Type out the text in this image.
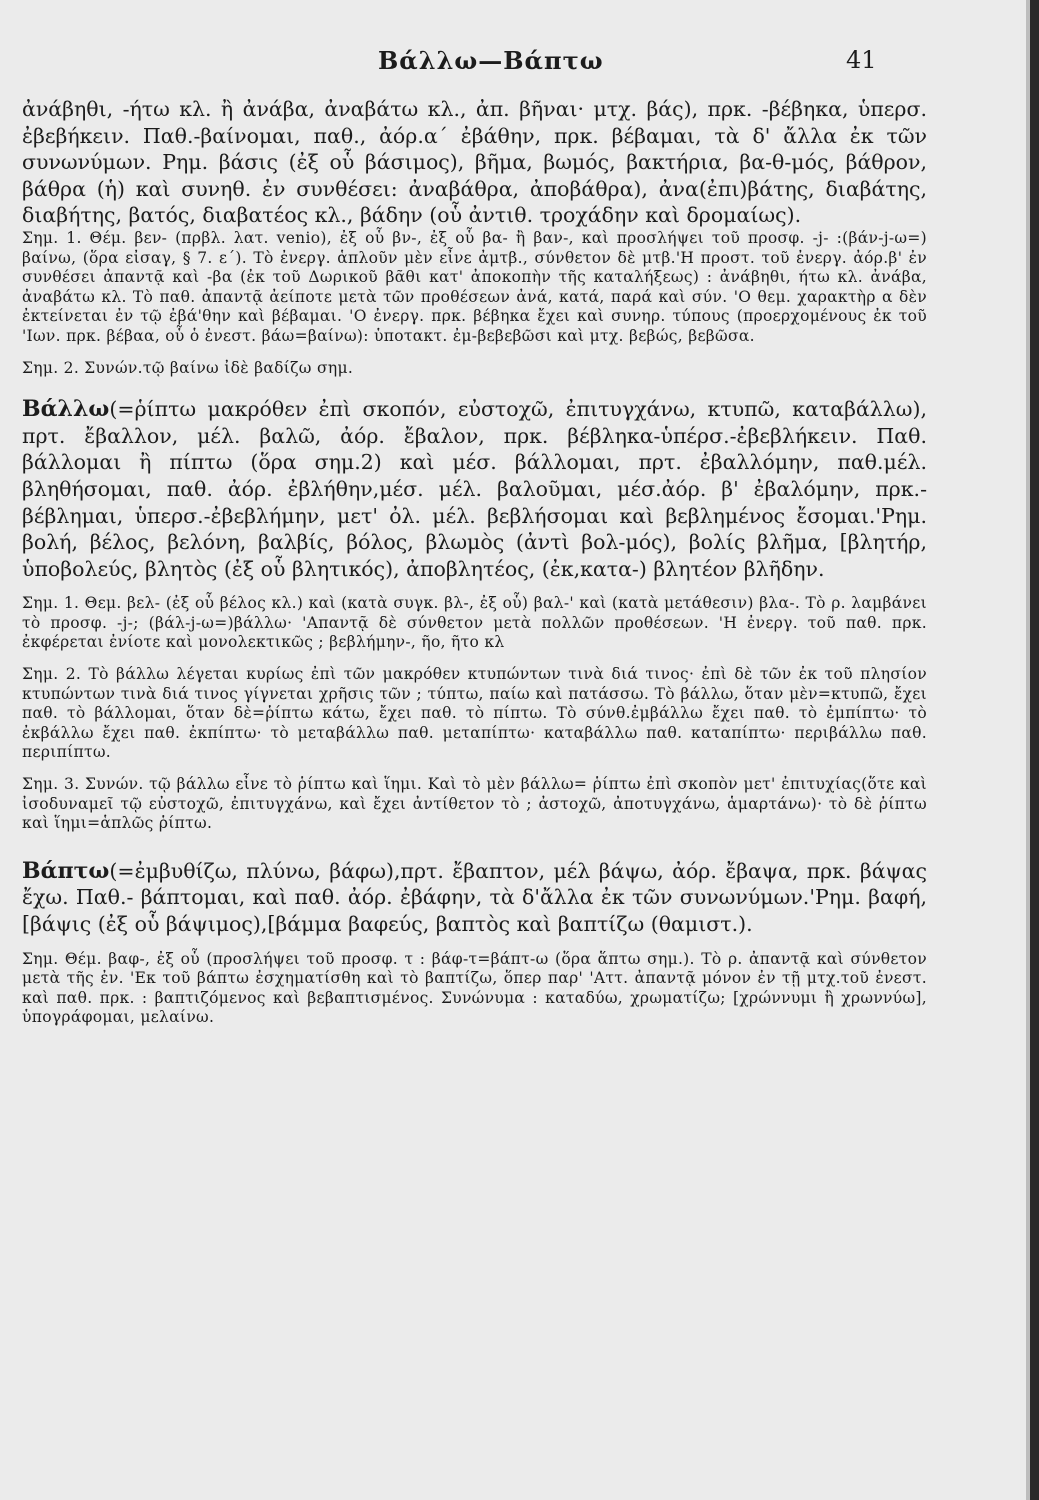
Βάλλω—Βάπτω	41

ἀνάβηθι, -ήτω κλ. ἢ ἀνάβα, ἀναβάτω κλ., ἀπ. βῆναι· μτχ. βάς), πρκ. -βέβηκα, ὑπερσ. ἐβεβήκειν. Παθ.-βαίνομαι, παθ., ἀόρ.α΄ ἐβάθην, πρκ. βέβαμαι, τὰ δ' ἄλλα ἐκ τῶν συνωνύμων. Ρημ. βάσις (ἐξ οὗ βάσιμος), βῆμα, βωμός, βακτήρια, βα-θ-μός, βάθρον, βάθρα (ἡ) καὶ συνηθ. ἐν συνθέσει: ἀναβάθρα, ἀποβάθρα), ἀνα(ἐπι)βάτης, διαβάτης, διαβήτης, βατός, διαβατέος κλ., βάδην (οὗ ἀντιθ. τροχάδην καὶ δρομαίως).

Σημ. 1. Θέμ. βεν- (πρβλ. λατ. venio), ἐξ οὗ βν-, ἐξ οὗ βα- ἢ βαν-, καὶ προσλήψει τοῦ προσφ. -j- :(βάν-j-ω=) βαίνω, (ὅρα εἰσαγ, § 7. ε΄). Τὸ ἐνεργ. ἁπλοῦν μὲν εἶνε ἀμτβ., σύνθετον δὲ μτβ.'Η προστ. τοῦ ἐνεργ. ἀόρ.β' ἐν συνθέσει ἀπαντᾷ καὶ -βα (ἐκ τοῦ Δωρικοῦ βᾶθι κατ' ἀποκοπὴν τῆς καταλήξεως) : ἀνάβηθι, ήτω κλ. ἀνάβα, ἀναβάτω κλ. Τὸ παθ. ἀπαντᾷ ἀείποτε μετὰ τῶν προθέσεων ἀνά, κατά, παρά καὶ σύν. 'Ο θεμ. χαρακτὴρ α δὲν ἐκτείνεται ἐν τῷ ἐβά'θην καὶ βέβαμαι. 'Ο ἐνεργ. πρκ. βέβηκα ἔχει καὶ συνηρ. τύπους (προερχομένους ἐκ τοῦ 'Ιων. πρκ. βέβαα, οὗ ὁ ἐνεστ. βάω=βαίνω): ὑποτακτ. ἐμ-βεβεβῶσι καὶ μτχ. βεβώς, βεβῶσα.

Σημ. 2. Συνών.τῷ βαίνω ἰδὲ βαδίζω σημ.

Βάλλω(=ῥίπτω μακρόθεν ἐπὶ σκοπόν, εὐστοχῶ, ἐπιτυγχάνω, κτυπῶ, καταβάλλω), πρτ. ἔβαλλον, μέλ. βαλῶ, ἀόρ. ἔβαλον, πρκ. βέβληκα-ὑπέρσ.-ἐβεβλήκειν. Παθ. βάλλομαι ἢ πίπτω (ὅρα σημ.2) καὶ μέσ. βάλλομαι, πρτ. ἐβαλλόμην, παθ.μέλ. βληθήσομαι, παθ. ἀόρ. ἐβλήθην,μέσ. μέλ. βαλοῦμαι, μέσ.ἀόρ. β' ἐβαλόμην, πρκ.-βέβλημαι, ὑπερσ.-ἐβεβλήμην, μετ' ὀλ. μέλ. βεβλήσομαι καὶ βεβλημένος ἔσομαι.'Ρημ. βολή, βέλος, βελόνη, βαλβίς, βόλος, βλωμὸς (ἀντὶ βολ-μός), βολίς βλῆμα, [βλητήρ, ὑποβολεύς, βλητὸς (ἐξ οὗ βλητικός), ἀποβλητέος, (ἐκ,κατα-) βλητέον βλῆδην.

Σημ. 1. Θεμ. βελ- (ἐξ οὗ βέλος κλ.) καὶ (κατὰ συγκ. βλ-, ἐξ οὗ) βαλ-' καὶ (κατὰ μετάθεσιν) βλα-. Τὸ ρ. λαμβάνει τὸ προσφ. -j-; (βάλ-j-ω=)βάλλω· 'Απαντᾷ δὲ σύνθετον μετὰ πολλῶν προθέσεων. 'Η ἐνεργ. τοῦ παθ. πρκ. ἐκφέρεται ἐνίοτε καὶ μονολεκτικῶς ; βεβλήμην-, ῆο, ῆτο κλ

Σημ. 2. Τὸ βάλλω λέγεται κυρίως ἐπὶ τῶν μακρόθεν κτυπώντων τινὰ διά τινος· ἐπὶ δὲ τῶν ἐκ τοῦ πλησίον κτυπώντων τινὰ διά τινος γίγνεται χρῆσις τῶν ; τύπτω, παίω καὶ πατάσσω. Τὸ βάλλω, ὅταν μὲν=κτυπῶ, ἔχει παθ. τὸ βάλλομαι, ὅταν δὲ=ῥίπτω κάτω, ἔχει παθ. τὸ πίπτω. Τὸ σύνθ.ἐμβάλλω ἔχει παθ. τὸ ἐμπίπτω· τὸ ἐκβάλλω ἔχει παθ. ἐκπίπτω· τὸ μεταβάλλω παθ. μεταπίπτω· καταβάλλω παθ. καταπίπτω· περιβάλλω παθ. περιπίπτω.

Σημ. 3. Συνών. τῷ βάλλω εἶνε τὸ ῥίπτω καὶ ἵημι. Καὶ τὸ μὲν βάλλω= ῥίπτω ἐπὶ σκοπὸν μετ' ἐπιτυχίας(ὅτε καὶ ἰσοδυναμεῖ τῷ εὐστοχῶ, ἐπιτυγχάνω, καὶ ἔχει ἀντίθετον τὸ ; ἀστοχῶ, ἀποτυγχάνω, ἁμαρτάνω)· τὸ δὲ ῥίπτω καὶ ἵημι=ἁπλῶς ῥίπτω.

Βάπτω(=ἐμβυθίζω, πλύνω, βάφω),πρτ. ἔβαπτον, μέλ βάψω, ἀόρ. ἔβαψα, πρκ. βάψας ἔχω. Παθ.- βάπτομαι, καὶ παθ. ἀόρ. ἐβάφην, τὰ δ'ἄλλα ἐκ τῶν συνωνύμων.'Ρημ. βαφή,[βάψις (ἐξ οὗ βάψιμος),[βάμμα βαφεύς, βαπτὸς καὶ βαπτίζω (θαμιστ.).

Σημ. Θέμ. βαφ-, ἐξ οὗ (προσλήψει τοῦ προσφ. τ : βάφ-τ=βάπτ-ω (ὅρα ἅπτω σημ.). Τὸ ρ. ἀπαντᾷ καὶ σύνθετον μετὰ τῆς ἐν. 'Εκ τοῦ βάπτω ἐσχηματίσθη καὶ τὸ βαπτίζω, ὅπερ παρ' 'Αττ. ἀπαντᾷ μόνον ἐν τῇ μτχ.τοῦ ἐνεστ. καὶ παθ. πρκ. : βαπτιζόμενος καὶ βεβαπτισμένος. Συνώνυμα : καταδύω, χρωματίζω; [χρώννυμι ἢ χρωννύω], ὑπογράφομαι, μελαίνω.
